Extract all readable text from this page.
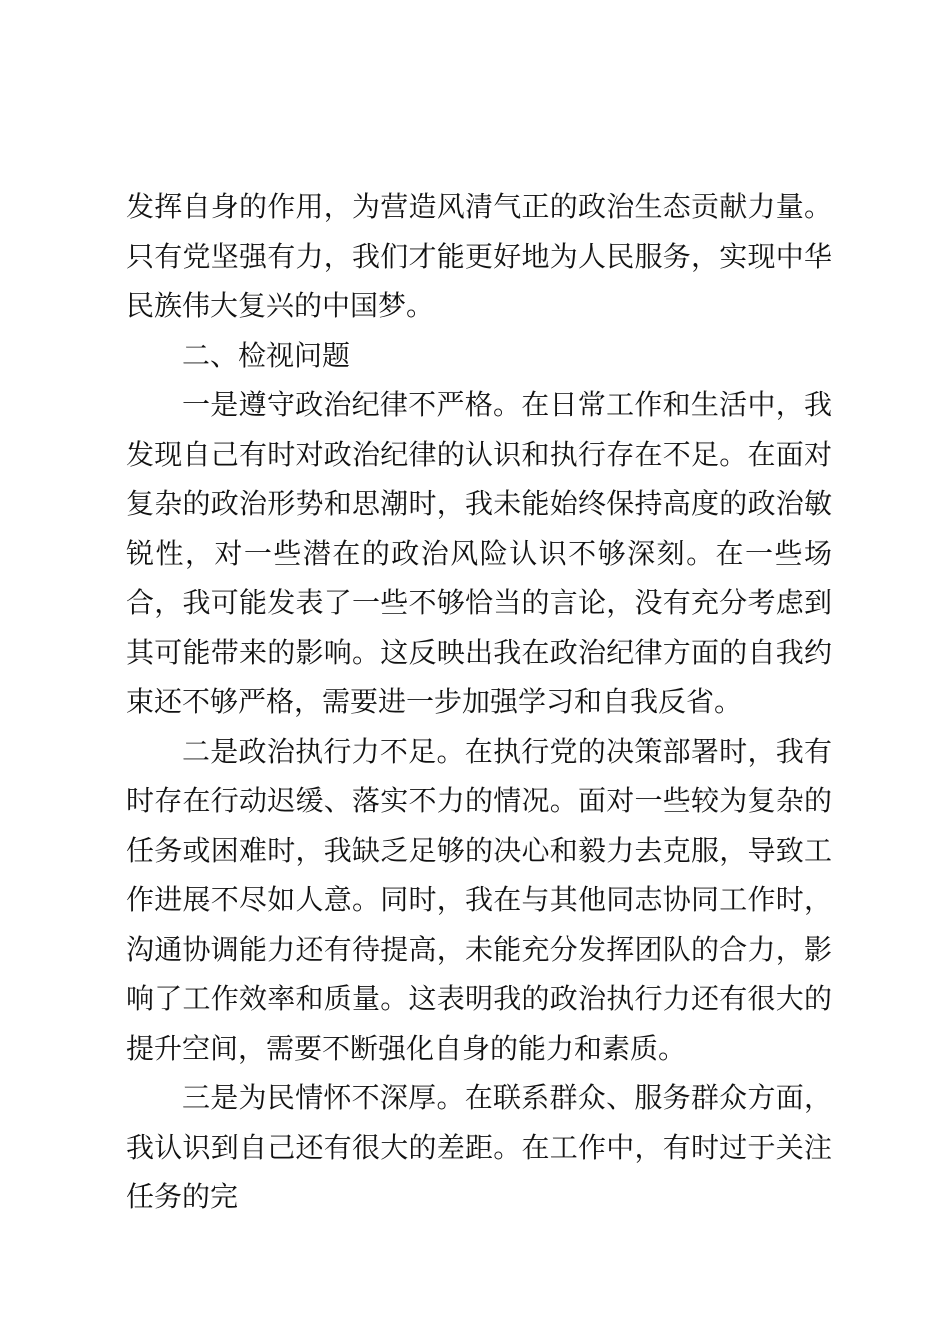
发挥自身的作用，为营造风清气正的政治生态贡献力量。只有党坚强有力，我们才能更好地为人民服务，实现中华民族伟大复兴的中国梦。

二、检视问题

一是遵守政治纪律不严格。在日常工作和生活中，我发现自己有时对政治纪律的认识和执行存在不足。在面对复杂的政治形势和思潮时，我未能始终保持高度的政治敏锐性，对一些潜在的政治风险认识不够深刻。在一些场合，我可能发表了一些不够恰当的言论，没有充分考虑到其可能带来的影响。这反映出我在政治纪律方面的自我约束还不够严格，需要进一步加强学习和自我反省。

二是政治执行力不足。在执行党的决策部署时，我有时存在行动迟缓、落实不力的情况。面对一些较为复杂的任务或困难时，我缺乏足够的决心和毅力去克服，导致工作进展不尽如人意。同时，我在与其他同志协同工作时，沟通协调能力还有待提高，未能充分发挥团队的合力，影响了工作效率和质量。这表明我的政治执行力还有很大的提升空间，需要不断强化自身的能力和素质。

三是为民情怀不深厚。在联系群众、服务群众方面，我认识到自己还有很大的差距。在工作中，有时过于关注任务的完
